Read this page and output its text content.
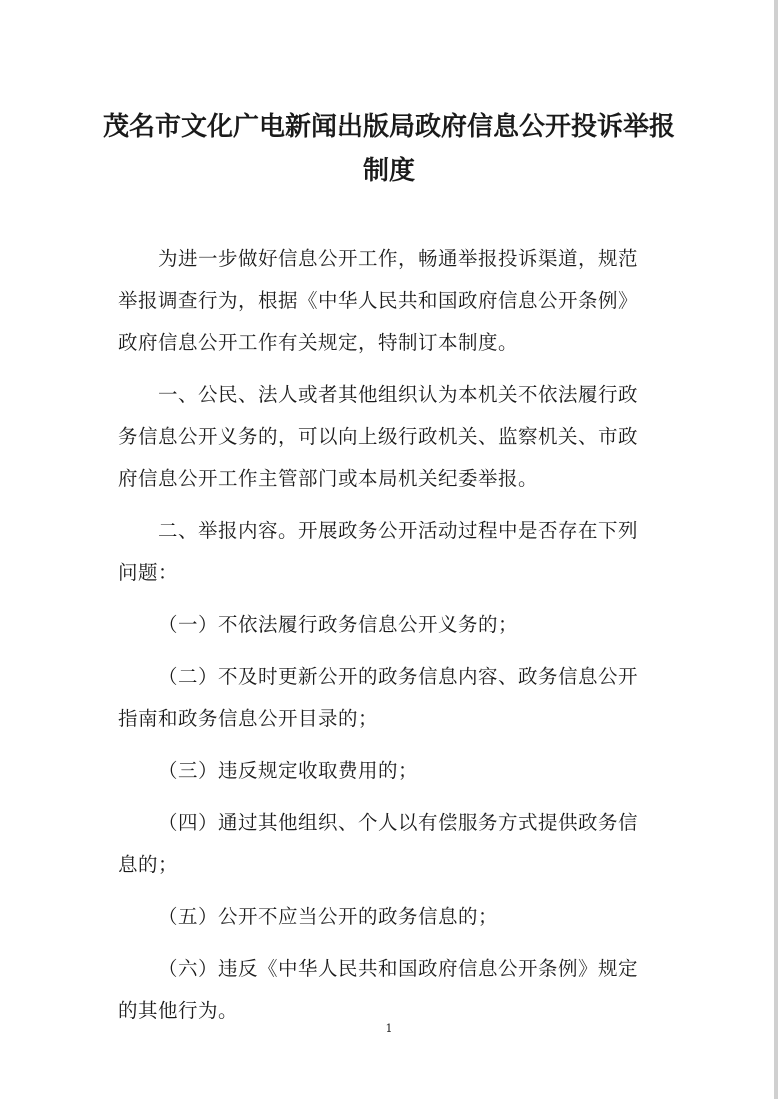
茂名市文化广电新闻出版局政府信息公开投诉举报
制度
为进一步做好信息公开工作，畅通举报投诉渠道，规范
举报调查行为，根据《中华人民共和国政府信息公开条例》
政府信息公开工作有关规定，特制订本制度。
一、公民、法人或者其他组织认为本机关不依法履行政
务信息公开义务的，可以向上级行政机关、监察机关、市政
府信息公开工作主管部门或本局机关纪委举报。
二、举报内容。开展政务公开活动过程中是否存在下列
问题：
（一）不依法履行政务信息公开义务的；
（二）不及时更新公开的政务信息内容、政务信息公开
指南和政务信息公开目录的；
（三）违反规定收取费用的；
（四）通过其他组织、个人以有偿服务方式提供政务信
息的；
（五）公开不应当公开的政务信息的；
（六）违反《中华人民共和国政府信息公开条例》规定
的其他行为。
1
